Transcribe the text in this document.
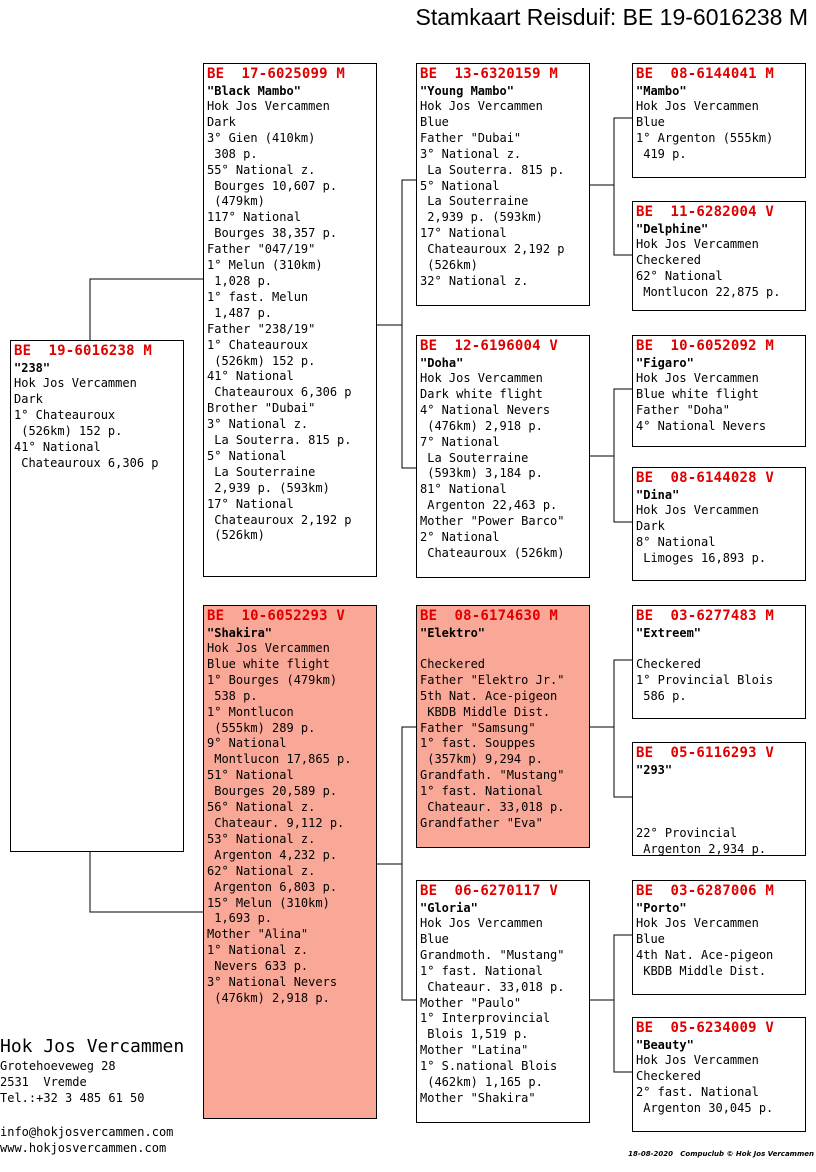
Stamkaart Reisduif: BE 19-6016238 M
BE  19-6016238 M
"238"
Hok Jos Vercammen
Dark
1° Chateauroux
(526km) 152 p.
41° National
Chateauroux 6,306 p
BE  17-6025099 M
"Black Mambo"
Hok Jos Vercammen
Dark
3° Gien (410km)
308 p.
55° National z.
Bourges 10,607 p.
(479km)
117° National
Bourges 38,357 p.
Father "047/19"
1° Melun (310km)
1,028 p.
1° fast. Melun
1,487 p.
Father "238/19"
1° Chateauroux
(526km) 152 p.
41° National
Chateauroux 6,306 p
Brother "Dubai"
3° National z.
La Souterra. 815 p.
5° National
La Souterraine
2,939 p. (593km)
17° National
Chateauroux 2,192 p
(526km)
BE  10-6052293 V
"Shakira"
Hok Jos Vercammen
Blue white flight
1° Bourges (479km)
538 p.
1° Montlucon
(555km) 289 p.
9° National
Montlucon 17,865 p.
51° National
Bourges 20,589 p.
56° National z.
Chateaur. 9,112 p.
53° National z.
Argenton 4,232 p.
62° National z.
Argenton 6,803 p.
15° Melun (310km)
1,693 p.
Mother "Alina"
1° National z.
Nevers 633 p.
3° National Nevers
(476km) 2,918 p.
BE  13-6320159 M
"Young Mambo"
Hok Jos Vercammen
Blue
Father "Dubai"
3° National z.
La Souterra. 815 p.
5° National
La Souterraine
2,939 p. (593km)
17° National
Chateauroux 2,192 p
(526km)
32° National z.
BE  12-6196004 V
"Doha"
Hok Jos Vercammen
Dark white flight
4° National Nevers
(476km) 2,918 p.
7° National
La Souterraine
(593km) 3,184 p.
81° National
Argenton 22,463 p.
Mother "Power Barco"
2° National
Chateauroux (526km)
BE  08-6174630 M
"Elektro"
Checkered
Father "Elektro Jr."
5th Nat. Ace-pigeon
KBDB Middle Dist.
Father "Samsung"
1° fast. Souppes
(357km) 9,294 p.
Grandfath. "Mustang"
1° fast. National
Chateaur. 33,018 p.
Grandfather "Eva"
BE  06-6270117 V
"Gloria"
Hok Jos Vercammen
Blue
Grandmoth. "Mustang"
1° fast. National
Chateaur. 33,018 p.
Mother "Paulo"
1° Interprovincial
Blois 1,519 p.
Mother "Latina"
1° S.national Blois
(462km) 1,165 p.
Mother "Shakira"
BE  08-6144041 M
"Mambo"
Hok Jos Vercammen
Blue
1° Argenton (555km)
419 p.
BE  11-6282004 V
"Delphine"
Hok Jos Vercammen
Checkered
62° National
Montlucon 22,875 p.
BE  10-6052092 M
"Figaro"
Hok Jos Vercammen
Blue white flight
Father "Doha"
4° National Nevers
BE  08-6144028 V
"Dina"
Hok Jos Vercammen
Dark
8° National
Limoges 16,893 p.
BE  03-6277483 M
"Extreem"
Checkered
1° Provincial Blois
586 p.
BE  05-6116293 V
"293"
22° Provincial
Argenton 2,934 p.
BE  03-6287006 M
"Porto"
Hok Jos Vercammen
Blue
4th Nat. Ace-pigeon
KBDB Middle Dist.
BE  05-6234009 V
"Beauty"
Hok Jos Vercammen
Checkered
2° fast. National
Argenton 30,045 p.
Hok Jos Vercammen
Grotehoeveweg 28
2531  Vremde
Tel.:+32 3 485 61 50
info@hokjosvercammen.com
www.hokjosvercammen.com	18-08-2020   Compuclub © Hok Jos Vercammen
